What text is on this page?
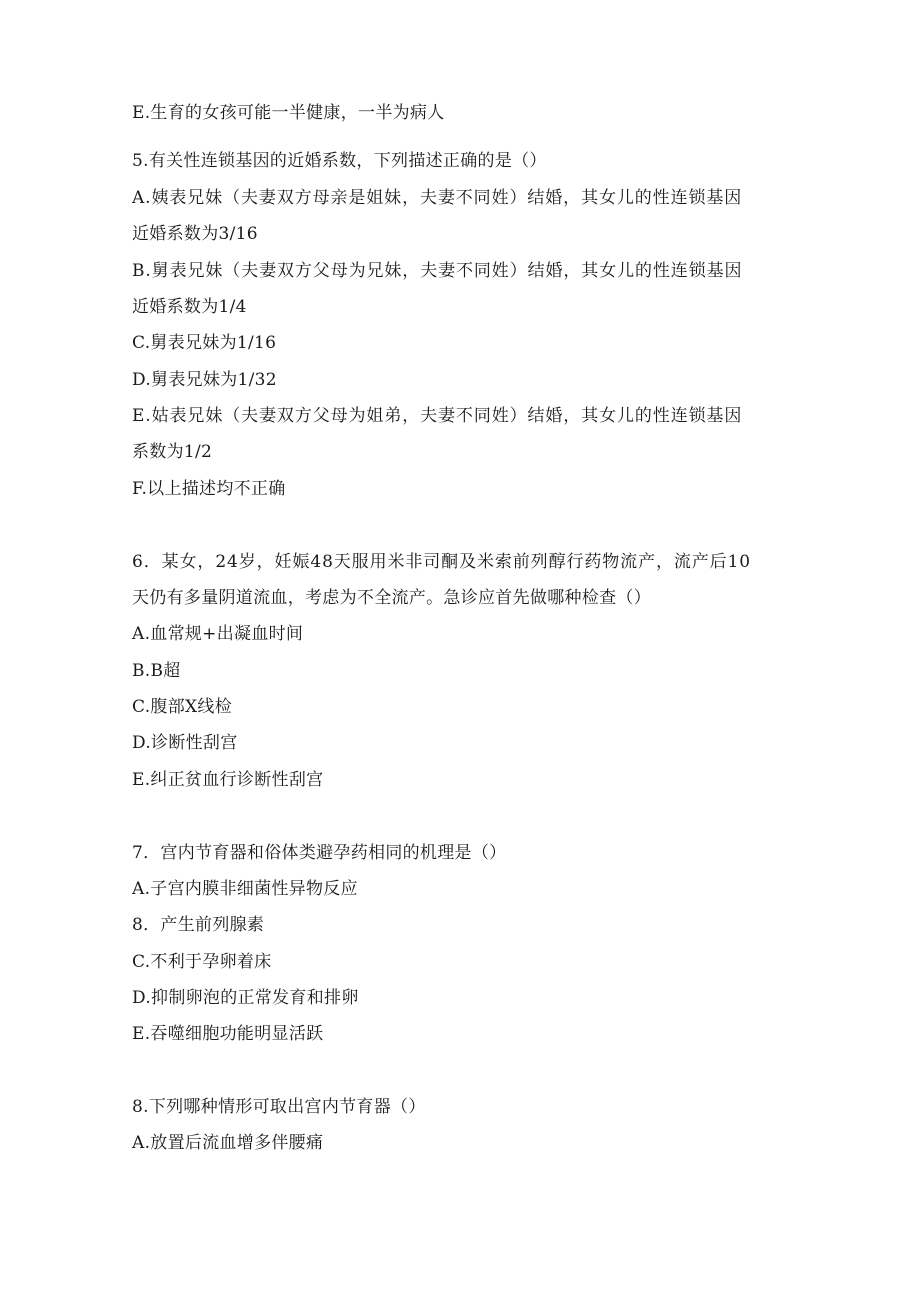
E.生育的女孩可能一半健康，一半为病人
5.有关性连锁基因的近婚系数，下列描述正确的是（）
A.姨表兄妹（夫妻双方母亲是姐妹，夫妻不同姓）结婚，其女儿的性连锁基因
近婚系数为3/16
B.舅表兄妹（夫妻双方父母为兄妹，夫妻不同姓）结婚，其女儿的性连锁基因
近婚系数为1/4
C.舅表兄妹为1/16
D.舅表兄妹为1/32
E.姑表兄妹（夫妻双方父母为姐弟，夫妻不同姓）结婚，其女儿的性连锁基因
系数为1/2
F.以上描述均不正确
6．某女，24岁，妊娠48天服用米非司酮及米索前列醇行药物流产，流产后10
天仍有多量阴道流血，考虑为不全流产。急诊应首先做哪种检查（）
A.血常规+出凝血时间
B.B超
C.腹部X线检
D.诊断性刮宫
E.纠正贫血行诊断性刮宫
7．宫内节育器和俗体类避孕药相同的机理是（）
A.子宫内膜非细菌性异物反应
8．产生前列腺素
C.不利于孕卵着床
D.抑制卵泡的正常发育和排卵
E.吞噬细胞功能明显活跃
8.下列哪种情形可取出宫内节育器（）
A.放置后流血增多伴腰痛
